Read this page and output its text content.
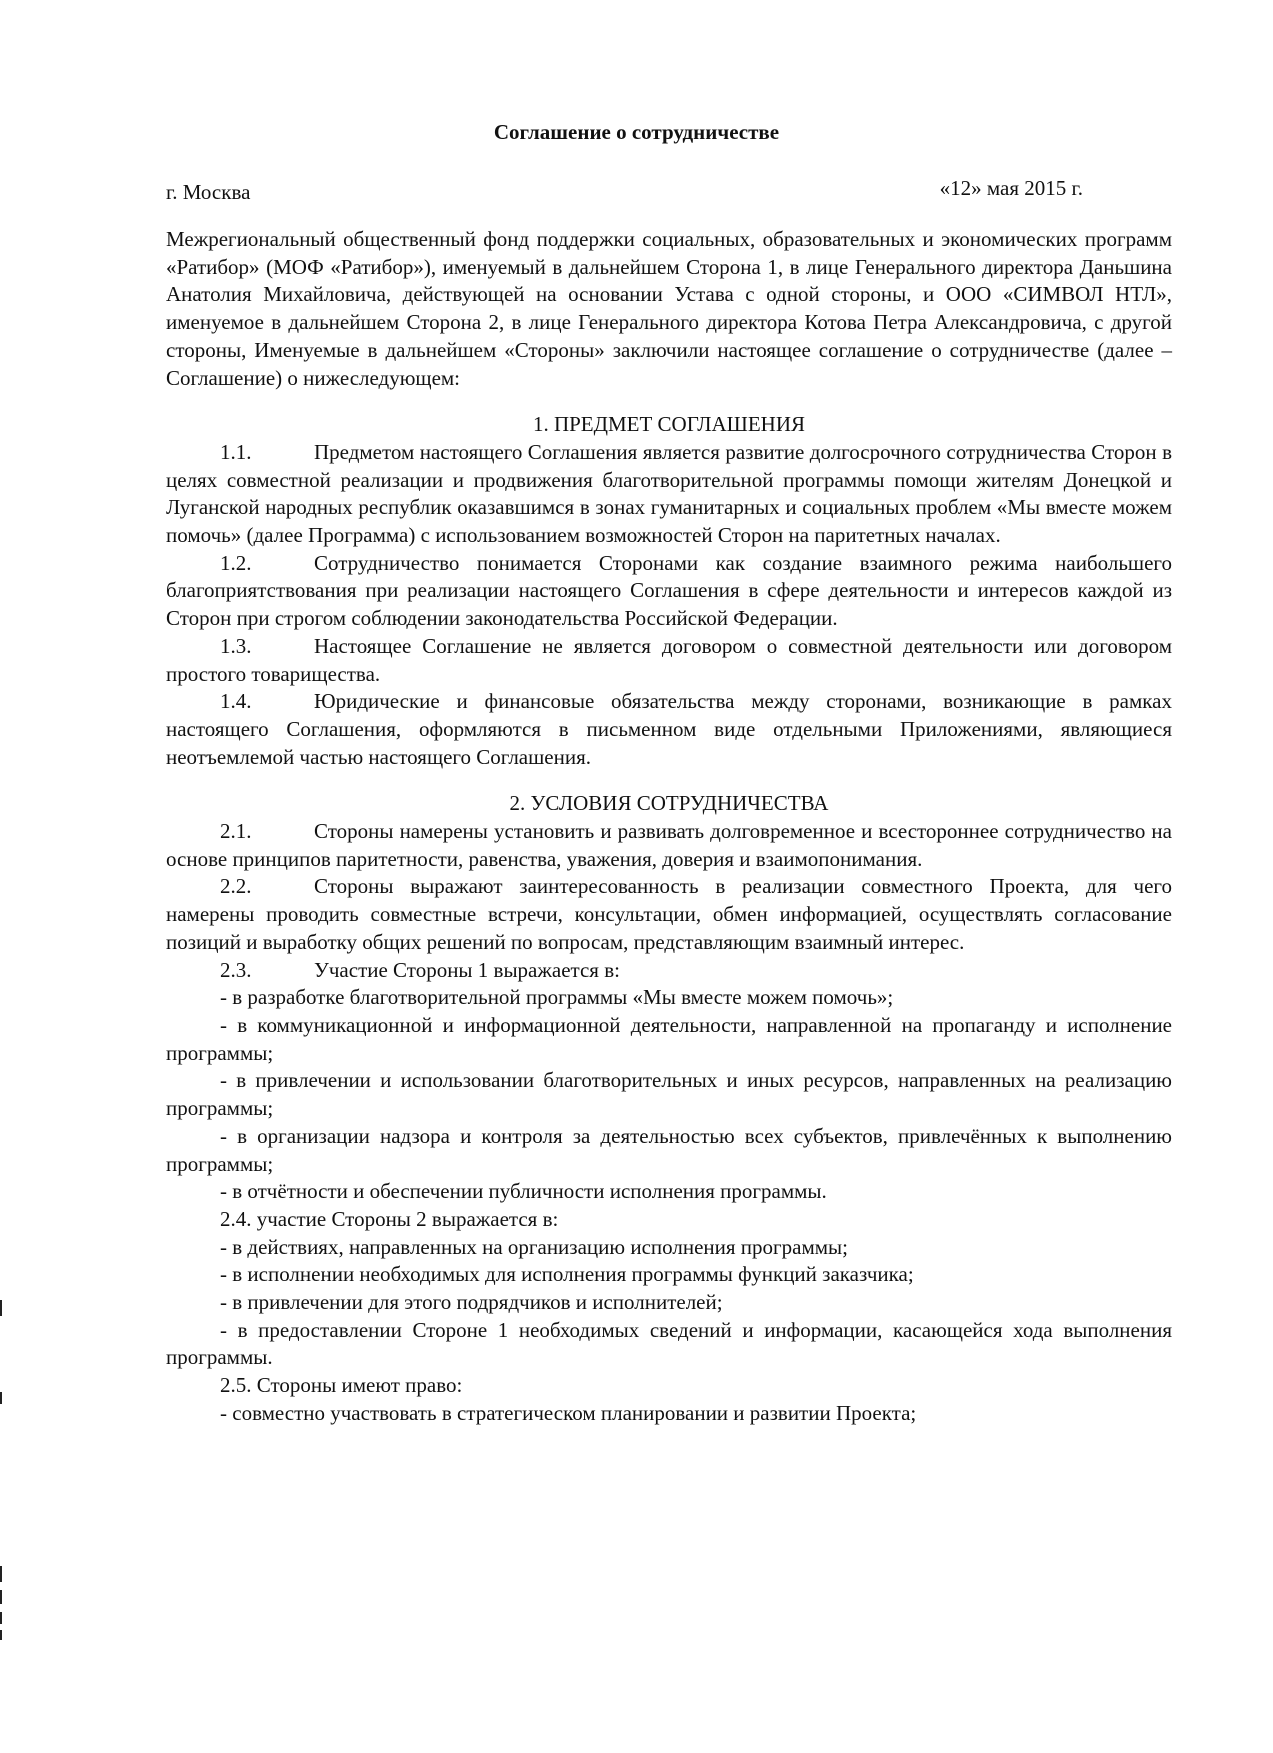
Соглашение о сотрудничестве
г. Москва	«12» мая 2015 г.

Межрегиональный общественный фонд поддержки социальных, образовательных и экономических программ «Ратибор» (МОФ «Ратибор»), именуемый в дальнейшем Сторона 1, в лице Генерального директора Даньшина Анатолия Михайловича, действующей на основании Устава с одной стороны, и ООО «СИМВОЛ НТЛ», именуемое в дальнейшем Сторона 2, в лице Генерального директора Котова Петра Александровича, с другой стороны, Именуемые в дальнейшем «Стороны» заключили настоящее соглашение о сотрудничестве (далее – Соглашение) о нижеследующем:

1. ПРЕДМЕТ СОГЛАШЕНИЯ

1.1.	Предметом настоящего Соглашения является развитие долгосрочного сотрудничества Сторон в целях совместной реализации и продвижения благотворительной программы помощи жителям Донецкой и Луганской народных республик оказавшимся в зонах гуманитарных и социальных проблем «Мы вместе можем помочь» (далее Программа) с использованием возможностей Сторон на паритетных началах.

1.2.	Сотрудничество понимается Сторонами как создание взаимного режима наибольшего благоприятствования при реализации настоящего Соглашения в сфере деятельности и интересов каждой из Сторон при строгом соблюдении законодательства Российской Федерации.

1.3.	Настоящее Соглашение не является договором о совместной деятельности или договором простого товарищества.

1.4.	Юридические и финансовые обязательства между сторонами, возникающие в рамках настоящего Соглашения, оформляются в письменном виде отдельными Приложениями, являющиеся неотъемлемой частью настоящего Соглашения.

2. УСЛОВИЯ СОТРУДНИЧЕСТВА

2.1.	Стороны намерены установить и развивать долговременное и всестороннее сотрудничество на основе принципов паритетности, равенства, уважения, доверия и взаимопонимания.

2.2.	Стороны выражают заинтересованность в реализации совместного Проекта, для чего намерены проводить совместные встречи, консультации, обмен информацией, осуществлять согласование позиций и выработку общих решений по вопросам, представляющим взаимный интерес.

2.3.	Участие Стороны 1 выражается в:

- в разработке благотворительной программы «Мы вместе можем помочь»;

- в коммуникационной и информационной деятельности, направленной на пропаганду и исполнение программы;

- в привлечении и использовании благотворительных и иных ресурсов, направленных на реализацию программы;

- в организации надзора и контроля за деятельностью всех субъектов, привлечённых к выполнению программы;

- в отчётности и обеспечении публичности исполнения программы.

2.4. участие Стороны 2 выражается в:

- в действиях, направленных на организацию исполнения программы;

- в исполнении необходимых для исполнения программы функций заказчика;

- в привлечении для этого подрядчиков и исполнителей;

- в предоставлении Стороне 1 необходимых сведений и информации, касающейся хода выполнения программы.

2.5. Стороны имеют право:

- совместно участвовать в стратегическом планировании и развитии Проекта;
